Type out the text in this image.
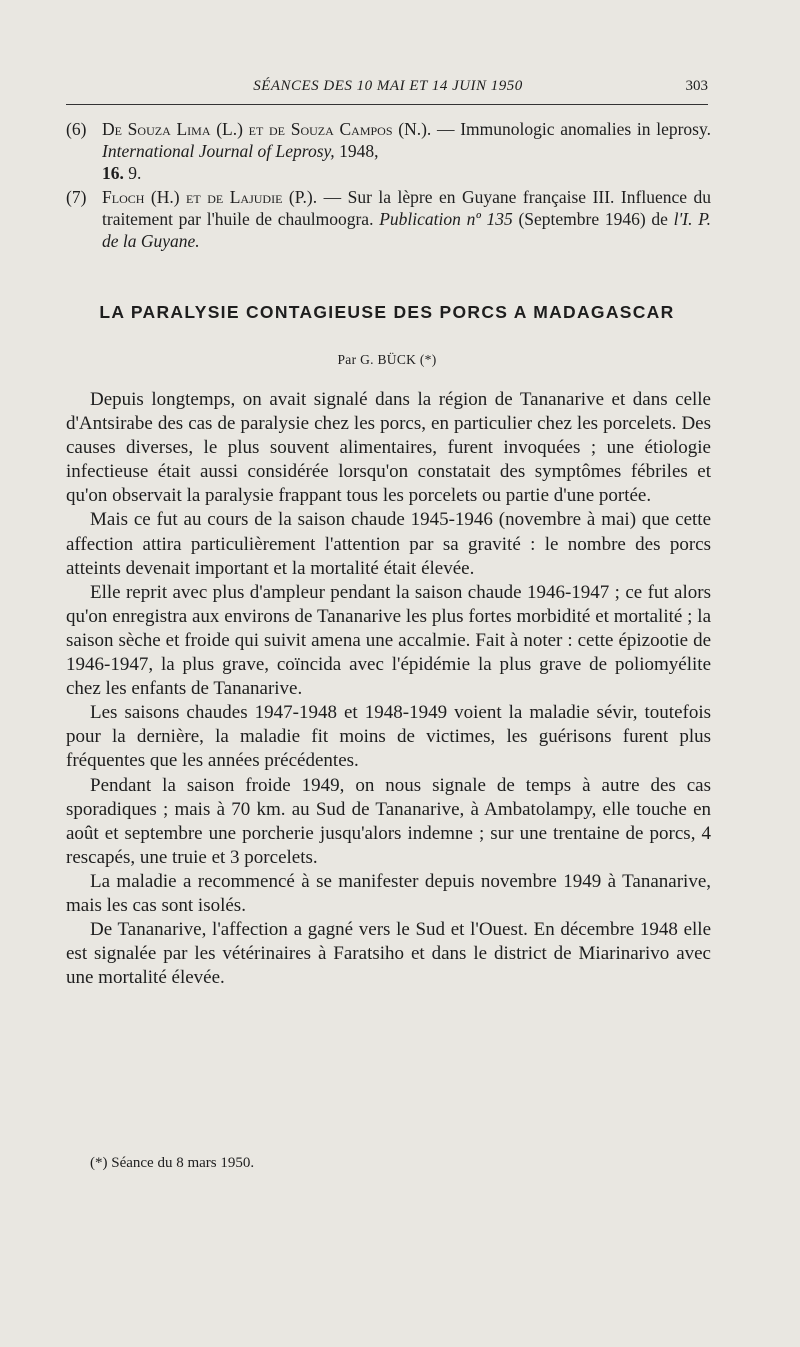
SÉANCES DES 10 MAI ET 14 JUIN 1950	303
(6) De Souza Lima (L.) et de Souza Campos (N.). — Immunologic anomalies in leprosy. International Journal of Leprosy, 1948,
16. 9.
(7) Floch (H.) et de Lajudie (P.). — Sur la lèpre en Guyane française III. Influence du traitement par l'huile de chaulmoogra. Publication nº 135 (Septembre 1946) de l'I. P. de la Guyane.
LA PARALYSIE CONTAGIEUSE DES PORCS A MADAGASCAR
Par G. BÜCK (*)

Depuis longtemps, on avait signalé dans la région de Tananarive et dans celle d'Antsirabe des cas de paralysie chez les porcs, en particulier chez les porcelets. Des causes diverses, le plus souvent alimentaires, furent invoquées ; une étiologie infectieuse était aussi considérée lorsqu'on constatait des symptômes fébriles et qu'on observait la paralysie frappant tous les porcelets ou partie d'une portée.

Mais ce fut au cours de la saison chaude 1945-1946 (novembre à mai) que cette affection attira particulièrement l'attention par sa gravité : le nombre des porcs atteints devenait important et la mortalité était élevée.

Elle reprit avec plus d'ampleur pendant la saison chaude 1946-1947 ; ce fut alors qu'on enregistra aux environs de Tananarive les plus fortes morbidité et mortalité ; la saison sèche et froide qui suivit amena une accalmie. Fait à noter : cette épizootie de 1946-1947, la plus grave, coïncida avec l'épidémie la plus grave de poliomyélite chez les enfants de Tananarive.

Les saisons chaudes 1947-1948 et 1948-1949 voient la maladie sévir, toutefois pour la dernière, la maladie fit moins de victimes, les guérisons furent plus fréquentes que les années précédentes.

Pendant la saison froide 1949, on nous signale de temps à autre des cas sporadiques ; mais à 70 km. au Sud de Tananarive, à Ambatolampy, elle touche en août et septembre une porcherie jusqu'alors indemne ; sur une trentaine de porcs, 4 rescapés, une truie et 3 porcelets.

La maladie a recommencé à se manifester depuis novembre 1949 à Tananarive, mais les cas sont isolés.

De Tananarive, l'affection a gagné vers le Sud et l'Ouest. En décembre 1948 elle est signalée par les vétérinaires à Faratsiho et dans le district de Miarinarivo avec une mortalité élevée.

(*) Séance du 8 mars 1950.
